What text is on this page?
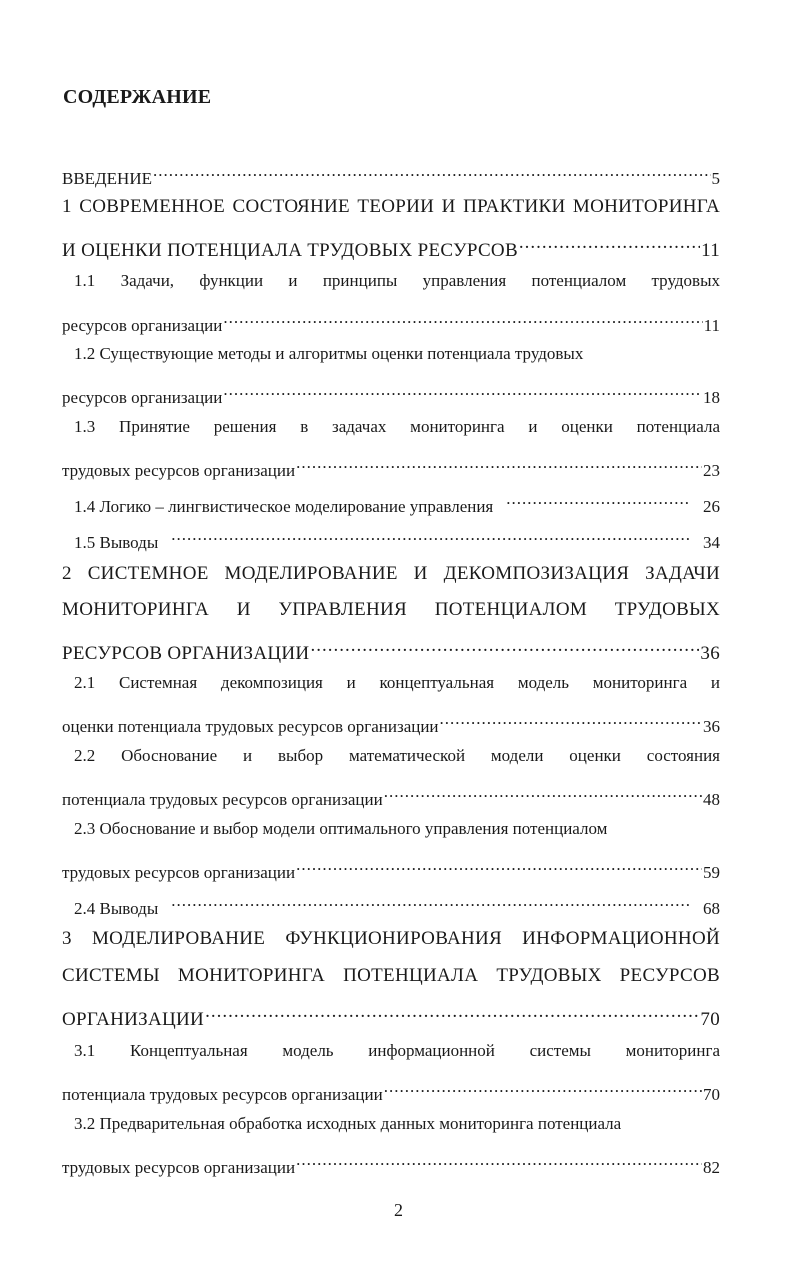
СОДЕРЖАНИЕ
ВВЕДЕНИЕ .....	5
1 СОВРЕМЕННОЕ СОСТОЯНИЕ ТЕОРИИ И ПРАКТИКИ МОНИТОРИНГА
И ОЦЕНКИ ПОТЕНЦИАЛА ТРУДОВЫХ РЕСУРСОВ .....	11
1.1 Задачи, функции и принципы управления потенциалом трудовых
ресурсов организации .....	11
1.2 Существующие методы и алгоритмы оценки потенциала трудовых
ресурсов организации .....	18
1.3 Принятие решения в задачах мониторинга и оценки потенциала
трудовых ресурсов организации .....	23
1.4 Логико – лингвистическое моделирование управления .....	26
1.5 Выводы .....	34
2 СИСТЕМНОЕ МОДЕЛИРОВАНИЕ И ДЕКОМПОЗИЗАЦИЯ ЗАДАЧИ
МОНИТОРИНГА И УПРАВЛЕНИЯ ПОТЕНЦИАЛОМ ТРУДОВЫХ
РЕСУРСОВ ОРГАНИЗАЦИИ .....	36
2.1 Системная декомпозиция и концептуальная модель мониторинга и
оценки потенциала трудовых ресурсов организации .....	36
2.2 Обоснование и выбор математической модели оценки состояния
потенциала трудовых ресурсов организации .....	48
2.3 Обоснование и выбор модели оптимального управления потенциалом
трудовых ресурсов организации .....	59
2.4 Выводы .....	68
3 МОДЕЛИРОВАНИЕ ФУНКЦИОНИРОВАНИЯ ИНФОРМАЦИОННОЙ
СИСТЕМЫ МОНИТОРИНГА ПОТЕНЦИАЛА ТРУДОВЫХ РЕСУРСОВ
ОРГАНИЗАЦИИ .....	70
3.1 Концептуальная модель информационной системы мониторинга
потенциала трудовых ресурсов организации .....	70
3.2 Предварительная обработка исходных данных мониторинга потенциала
трудовых ресурсов организации .....	82
2
